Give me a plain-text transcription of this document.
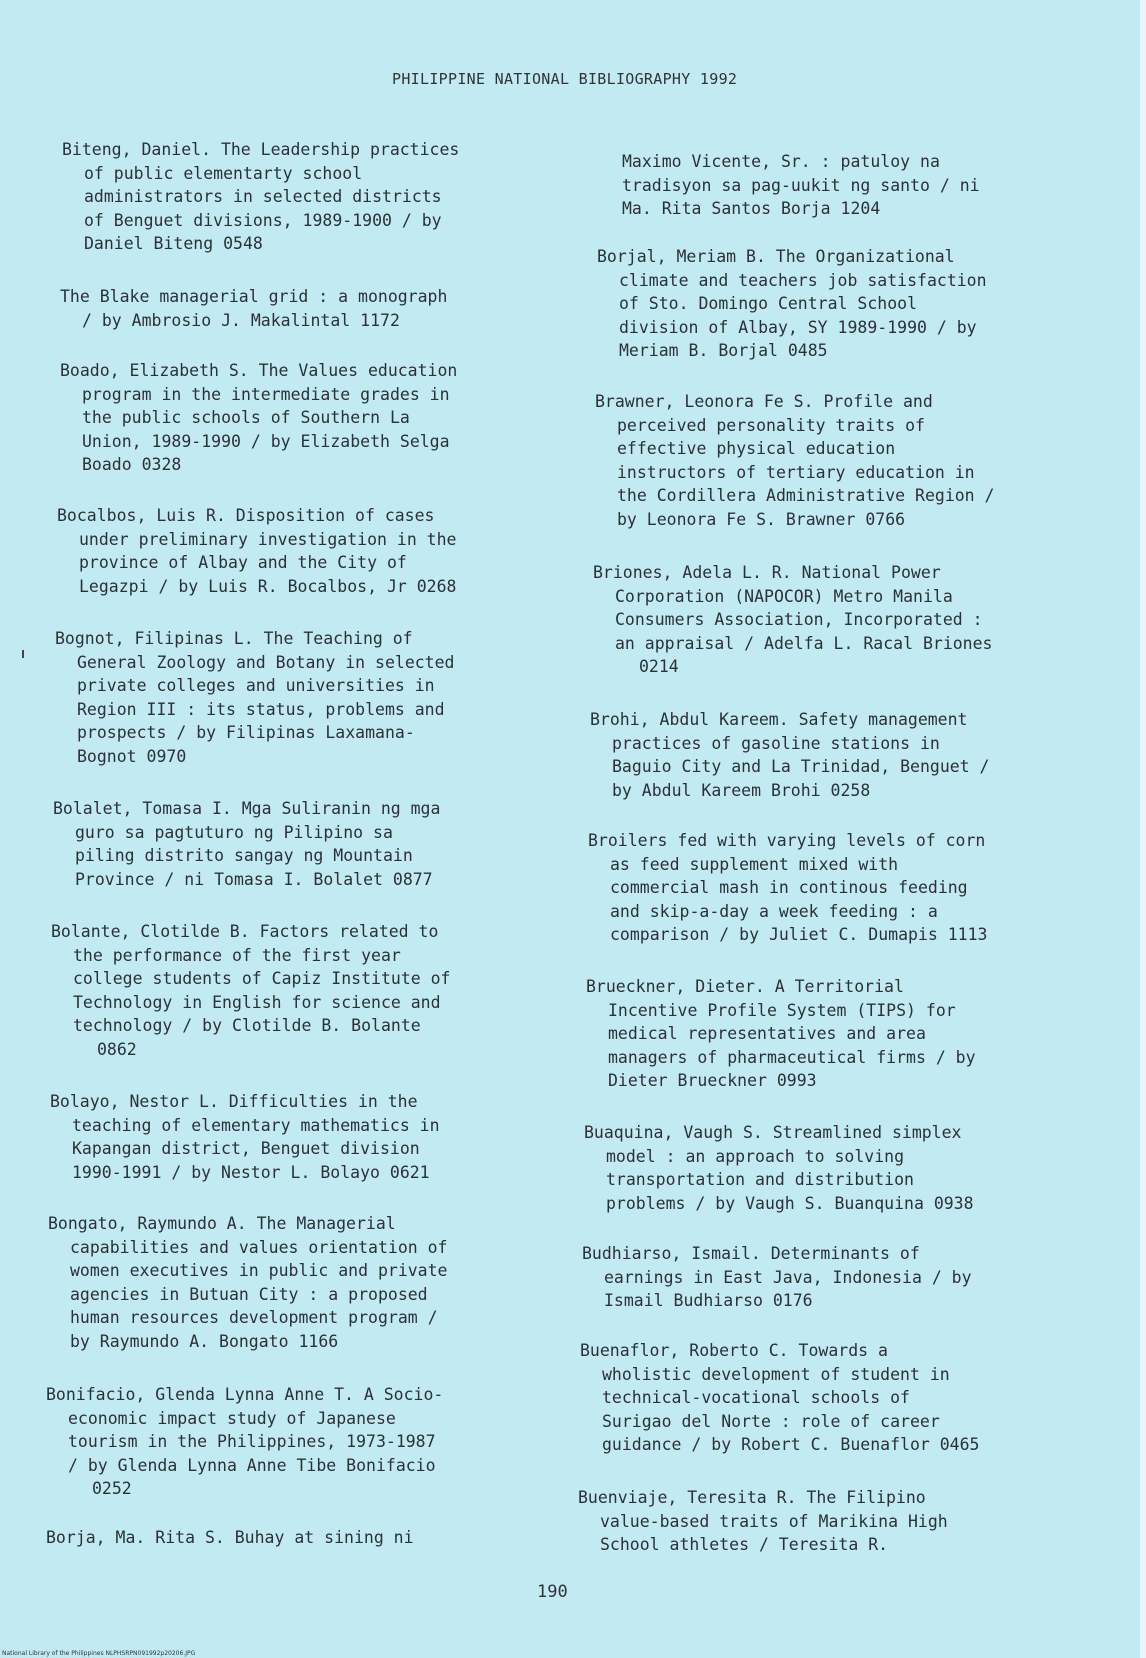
PHILIPPINE NATIONAL BIBLIOGRAPHY 1992
Biteng, Daniel. The Leadership practices
of public elementarty school
administrators in selected districts
of Benguet divisions, 1989-1900 / by
Daniel Biteng 0548
The Blake managerial grid : a monograph
/ by Ambrosio J. Makalintal 1172
Boado, Elizabeth S. The Values education
program in the intermediate grades in
the public schools of Southern La
Union, 1989-1990 / by Elizabeth Selga
Boado 0328
Bocalbos, Luis R. Disposition of cases
under preliminary investigation in the
province of Albay and the City of
Legazpi / by Luis R. Bocalbos, Jr 0268
Bognot, Filipinas L. The Teaching of
General Zoology and Botany in selected
private colleges and universities in
Region III : its status, problems and
prospects / by Filipinas Laxamana-
Bognot 0970
Bolalet, Tomasa I. Mga Suliranin ng mga
guro sa pagtuturo ng Pilipino sa
piling distrito sangay ng Mountain
Province / ni Tomasa I. Bolalet 0877
Bolante, Clotilde B. Factors related to
the performance of the first year
college students of Capiz Institute of
Technology in English for science and
technology / by Clotilde B. Bolante
0862
Bolayo, Nestor L. Difficulties in the
teaching of elementary mathematics in
Kapangan district, Benguet division
1990-1991 / by Nestor L. Bolayo 0621
Bongato, Raymundo A. The Managerial
capabilities and values orientation of
women executives in public and private
agencies in Butuan City : a proposed
human resources development program /
by Raymundo A. Bongato 1166
Bonifacio, Glenda Lynna Anne T. A Socio-
economic impact study of Japanese
tourism in the Philippines, 1973-1987
/ by Glenda Lynna Anne Tibe Bonifacio
0252
Borja, Ma. Rita S. Buhay at sining ni
Maximo Vicente, Sr. : patuloy na
tradisyon sa pag-uukit ng santo / ni
Ma. Rita Santos Borja 1204
Borjal, Meriam B. The Organizational
climate and teachers job satisfaction
of Sto. Domingo Central School
division of Albay, SY 1989-1990 / by
Meriam B. Borjal 0485
Brawner, Leonora Fe S. Profile and
perceived personality traits of
effective physical education
instructors of tertiary education in
the Cordillera Administrative Region /
by Leonora Fe S. Brawner 0766
Briones, Adela L. R. National Power
Corporation (NAPOCOR) Metro Manila
Consumers Association, Incorporated :
an appraisal / Adelfa L. Racal Briones
0214
Brohi, Abdul Kareem. Safety management
practices of gasoline stations in
Baguio City and La Trinidad, Benguet /
by Abdul Kareem Brohi 0258
Broilers fed with varying levels of corn
as feed supplement mixed with
commercial mash in continous feeding
and skip-a-day a week feeding : a
comparison / by Juliet C. Dumapis 1113
Brueckner, Dieter. A Territorial
Incentive Profile System (TIPS) for
medical representatives and area
managers of pharmaceutical firms / by
Dieter Brueckner 0993
Buaquina, Vaugh S. Streamlined simplex
model : an approach to solving
transportation and distribution
problems / by Vaugh S. Buanquina 0938
Budhiarso, Ismail. Determinants of
earnings in East Java, Indonesia / by
Ismail Budhiarso 0176
Buenaflor, Roberto C. Towards a
wholistic development of student in
technical-vocational schools of
Surigao del Norte : role of career
guidance / by Robert C. Buenaflor 0465
Buenviaje, Teresita R. The Filipino
value-based traits of Marikina High
School athletes / Teresita R.
190
National Library of the Philippines NLPHSRPN091992p20206.JPG
